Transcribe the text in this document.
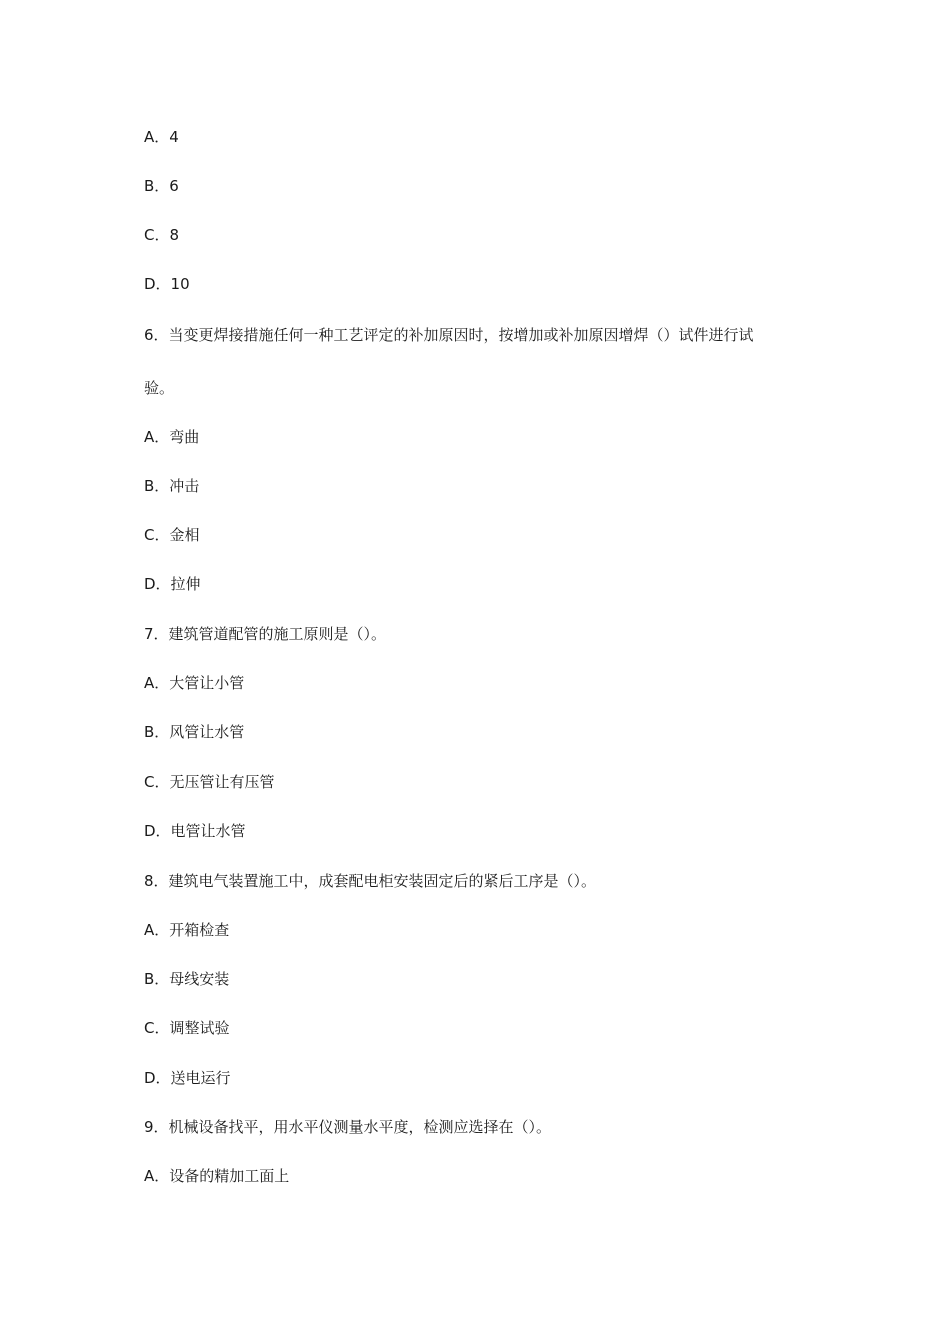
A．4
B．6
C．8
D．10
6．当变更焊接措施任何一种工艺评定的补加原因时，按增加或补加原因增焊（）试件进行试
验。
A．弯曲
B．冲击
C．金相
D．拉伸
7．建筑管道配管的施工原则是（）。
A．大管让小管
B．风管让水管
C．无压管让有压管
D．电管让水管
8．建筑电气装置施工中，成套配电柜安装固定后的紧后工序是（）。
A．开箱检查
B．母线安装
C．调整试验
D．送电运行
9．机械设备找平，用水平仪测量水平度，检测应选择在（）。
A．设备的精加工面上
